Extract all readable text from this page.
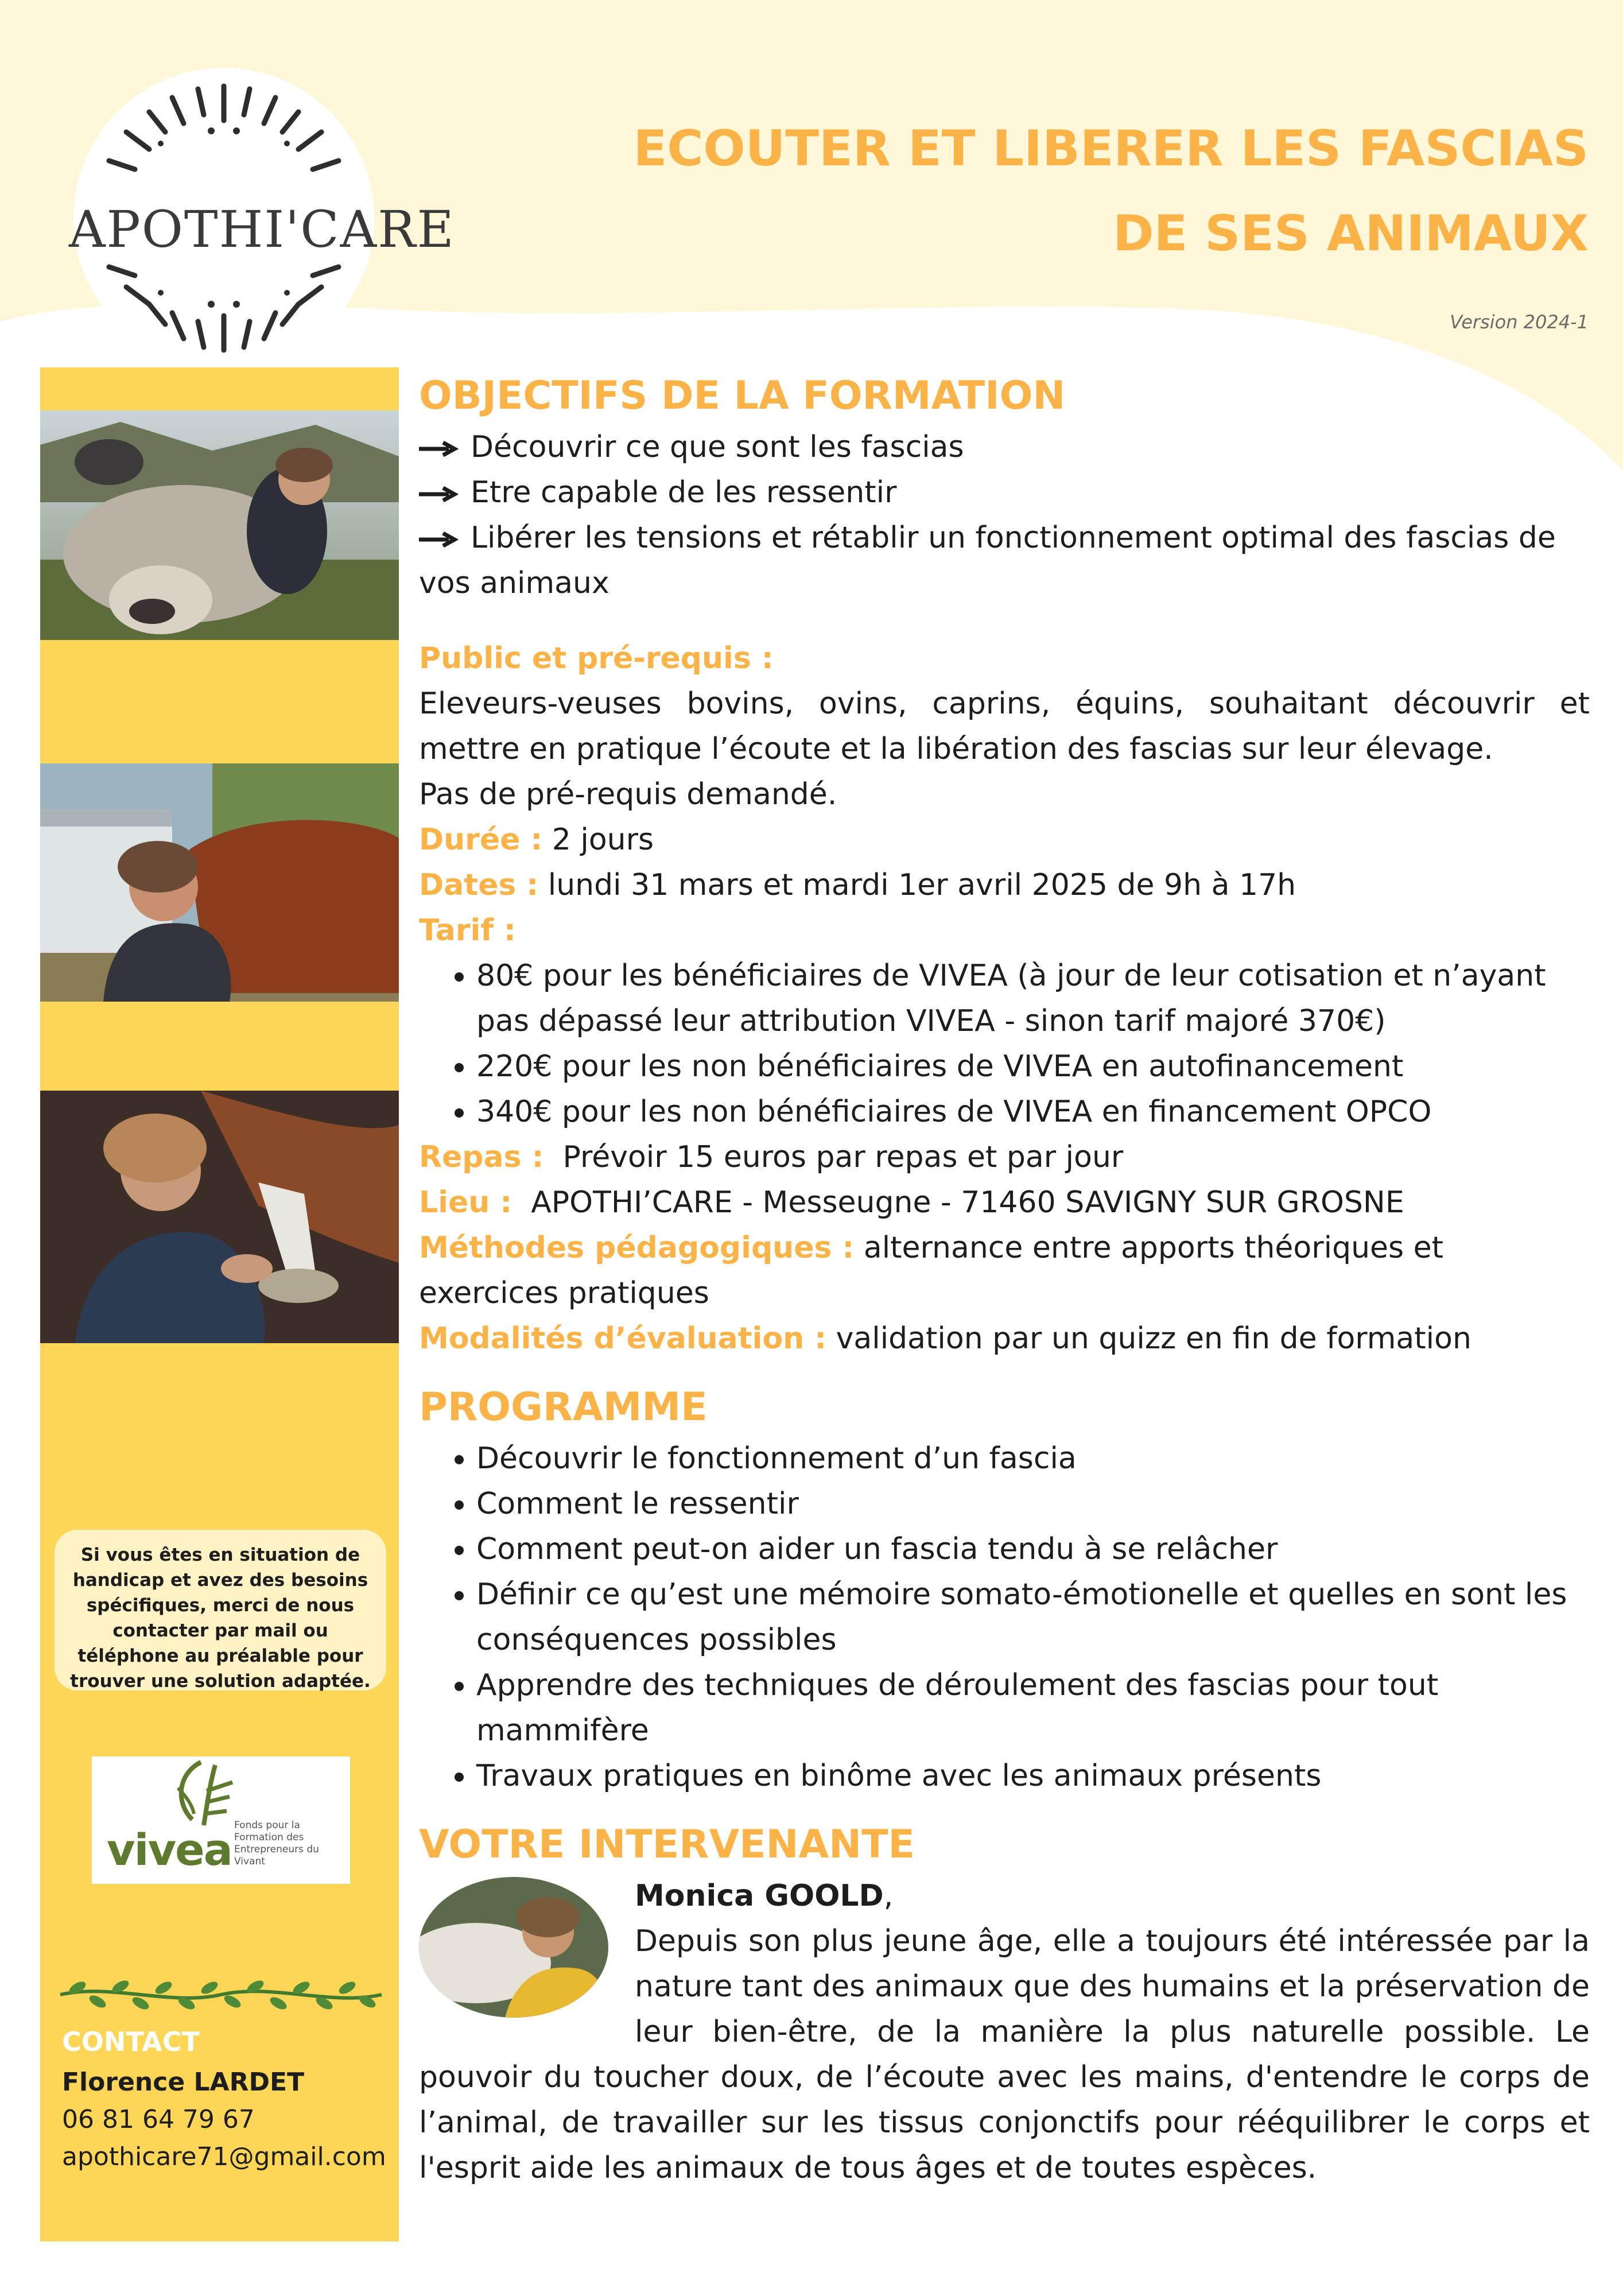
APOTHI'CARE
ECOUTER ET LIBERER LES FASCIAS
DE SES ANIMAUX
Version 2024-1
Si vous êtes en situation de handicap et avez des besoins spécifiques, merci de nous contacter par mail ou téléphone au préalable pour trouver une solution adaptée.
vivea Fonds pour la Formation des Entrepreneurs du Vivant
CONTACT
Florence LARDET
06 81 64 79 67
apothicare71@gmail.com
OBJECTIFS DE LA FORMATION
Découvrir ce que sont les fascias
Etre capable de les ressentir
Libérer les tensions et rétablir un fonctionnement optimal des fascias de vos animaux
Public et pré-requis :
Eleveurs-veuses bovins, ovins, caprins, équins, souhaitant découvrir et mettre en pratique l’écoute et la libération des fascias sur leur élevage.
Pas de pré-requis demandé.
Durée : 2 jours
Dates : lundi 31 mars et mardi 1er avril 2025 de 9h à 17h
Tarif :
• 80€ pour les bénéficiaires de VIVEA (à jour de leur cotisation et n’ayant pas dépassé leur attribution VIVEA - sinon tarif majoré 370€)
• 220€ pour les non bénéficiaires de VIVEA en autofinancement
• 340€ pour les non bénéficiaires de VIVEA en financement OPCO
Repas : Prévoir 15 euros par repas et par jour
Lieu : APOTHI’CARE - Messeugne - 71460 SAVIGNY SUR GROSNE
Méthodes pédagogiques : alternance entre apports théoriques et exercices pratiques
Modalités d’évaluation : validation par un quizz en fin de formation
PROGRAMME
• Découvrir le fonctionnement d’un fascia
• Comment le ressentir
• Comment peut-on aider un fascia tendu à se relâcher
• Définir ce qu’est une mémoire somato-émotionelle et quelles en sont les conséquences possibles
• Apprendre des techniques de déroulement des fascias pour tout mammifère
• Travaux pratiques en binôme avec les animaux présents
VOTRE INTERVENANTE
Monica GOOLD,
Depuis son plus jeune âge, elle a toujours été intéressée par la nature tant des animaux que des humains et la préservation de leur bien-être, de la manière la plus naturelle possible. Le pouvoir du toucher doux, de l’écoute avec les mains, d'entendre le corps de l’animal, de travailler sur les tissus conjonctifs pour rééquilibrer le corps et l'esprit aide les animaux de tous âges et de toutes espèces.
